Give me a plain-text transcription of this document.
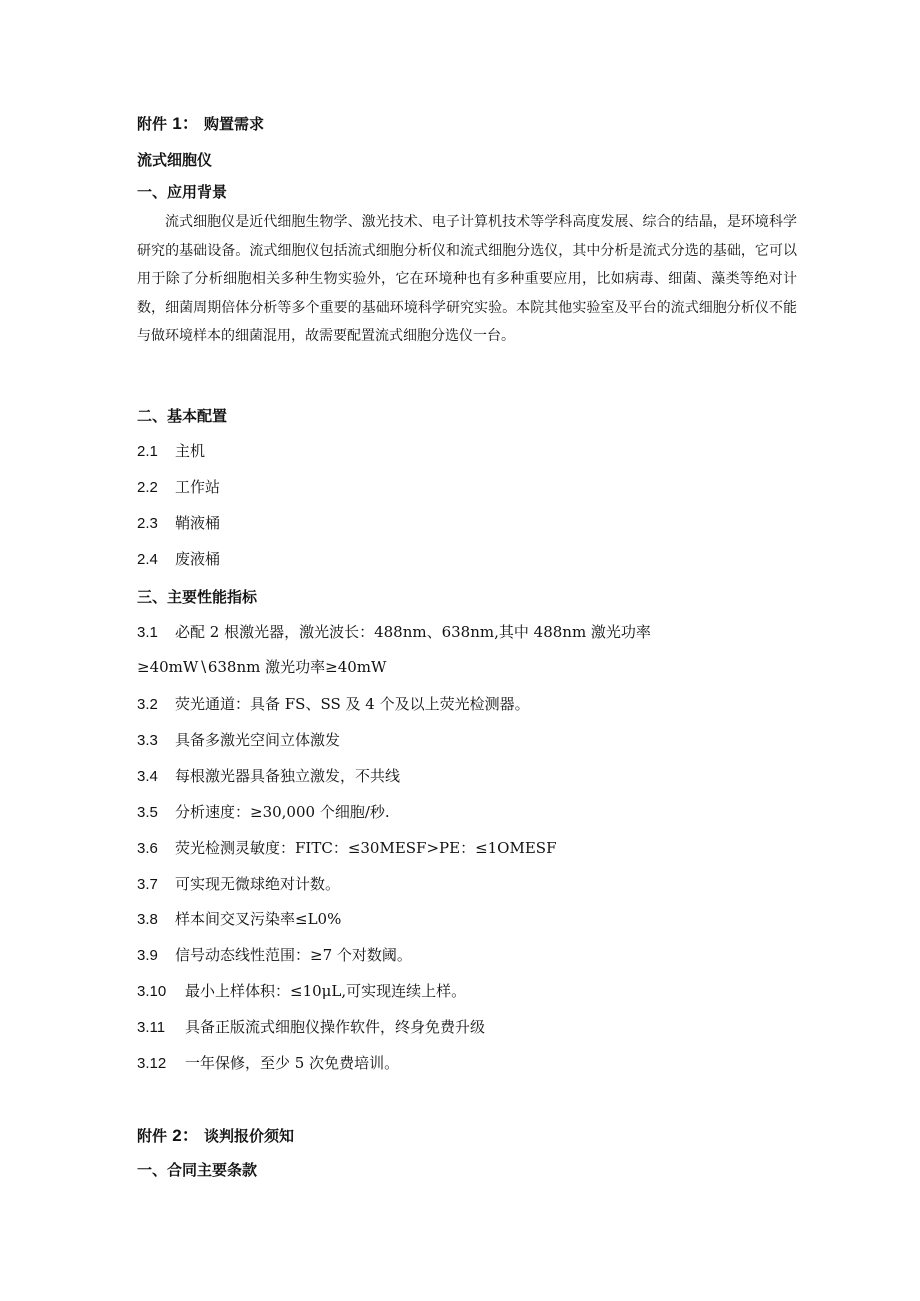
附件 1： 购置需求
流式细胞仪
一、应用背景

流式细胞仪是近代细胞生物学、激光技术、电子计算机技术等学科高度发展、综合的结晶，是环境科学研究的基础设备。流式细胞仪包括流式细胞分析仪和流式细胞分选仪，其中分析是流式分选的基础，它可以用于除了分析细胞相关多种生物实验外，它在环境种也有多种重要应用，比如病毒、细菌、藻类等绝对计数，细菌周期倍体分析等多个重要的基础环境科学研究实验。本院其他实验室及平台的流式细胞分析仪不能与做环境样本的细菌混用，故需要配置流式细胞分选仪一台。

二、基本配置
2.1 主机
2.2 工作站
2.3 鞘液桶
2.4 废液桶
三、主要性能指标
3.1 必配 2 根激光器，激光波长：488nm、638nm,其中 488nm 激光功率
≥40mW∖638nm 激光功率≥40mW
3.2 荧光通道：具备 FS、SS 及 4 个及以上荧光检测器。
3.3 具备多激光空间立体激发
3.4 每根激光器具备独立激发，不共线
3.5 分析速度：≥30,000 个细胞/秒.
3.6 荧光检测灵敏度：FITC：≤30MESF>PE：≤1OMESF
3.7 可实现无微球绝对计数。
3.8 样本间交叉污染率≤L0%
3.9 信号动态线性范围：≥7 个对数阈。
3.10 最小上样体积：≤10μL,可实现连续上样。
3.11 具备正版流式细胞仪操作软件，终身免费升级
3.12 一年保修，至少 5 次免费培训。
附件 2： 谈判报价须知
一、合同主要条款
